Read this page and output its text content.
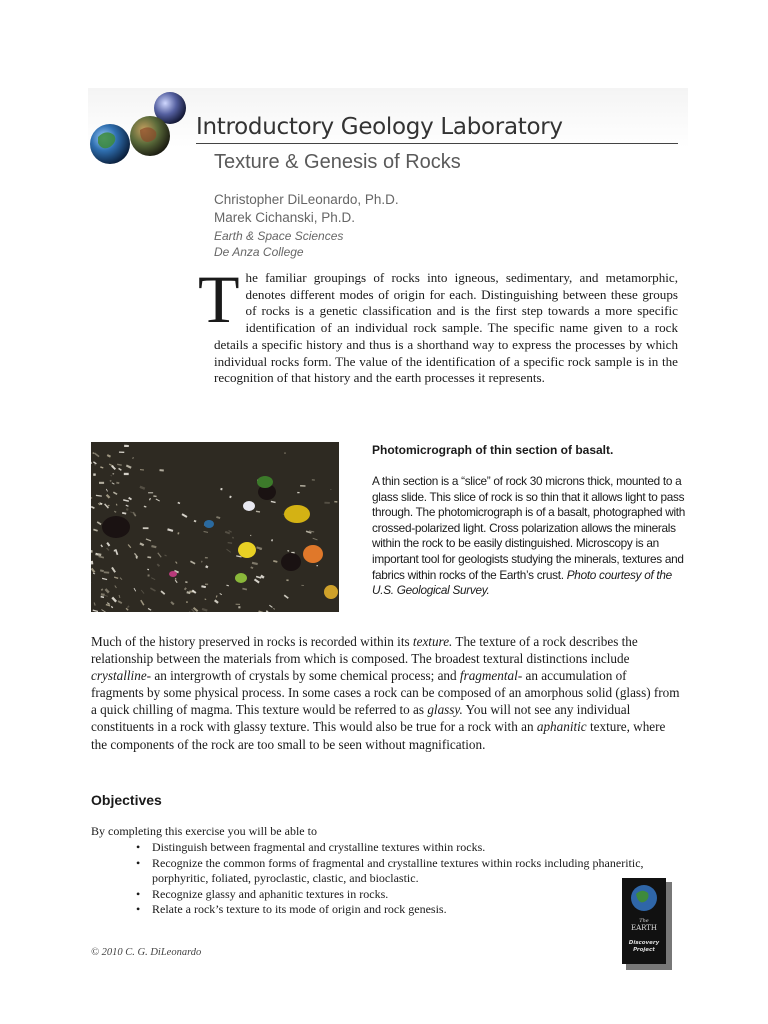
Introductory Geology Laboratory
Texture & Genesis of Rocks
Christopher DiLeonardo, Ph.D.
Marek Cichanski, Ph.D.
Earth & Space Sciences
De Anza College
The familiar groupings of rocks into igneous, sedimentary, and metamorphic, denotes different modes of origin for each. Distinguishing between these groups of rocks is a genetic classification and is the first step towards a more specific identification of an individual rock sample. The specific name given to a rock details a specific history and thus is a shorthand way to express the processes by which individual rocks form. The value of the identification of a specific rock sample is in the recognition of that history and the earth processes it represents.
Photomicrograph of thin section of basalt.
A thin section is a “slice” of rock 30 microns thick, mounted to a glass slide. This slice of rock is so thin that it allows light to pass through. The photomicrograph is of a basalt, photographed with crossed-polarized light. Cross polarization allows the minerals within the rock to be easily distinguished. Microscopy is an important tool for geologists studying the minerals, textures and fabrics within rocks of the Earth’s crust. Photo courtesy of the U.S. Geological Survey.
Much of the history preserved in rocks is recorded within its texture. The texture of a rock describes the relationship between the materials from which is composed. The broadest textural distinctions include crystalline- an intergrowth of crystals by some chemical process; and fragmental- an accumulation of fragments by some physical process. In some cases a rock can be composed of an amorphous solid (glass) from a quick chilling of magma. This texture would be referred to as glassy. You will not see any individual constituents in a rock with glassy texture. This would also be true for a rock with an aphanitic texture, where the components of the rock are too small to be seen without magnification.
Objectives
By completing this exercise you will be able to
• Distinguish between fragmental and crystalline textures within rocks.
• Recognize the common forms of fragmental and crystalline textures within rocks including phaneritic, porphyritic, foliated, pyroclastic, clastic, and bioclastic.
• Recognize glassy and aphanitic textures in rocks.
• Relate a rock’s texture to its mode of origin and rock genesis.
The
EARTH
Discovery
Project
© 2010 C. G. DiLeonardo
